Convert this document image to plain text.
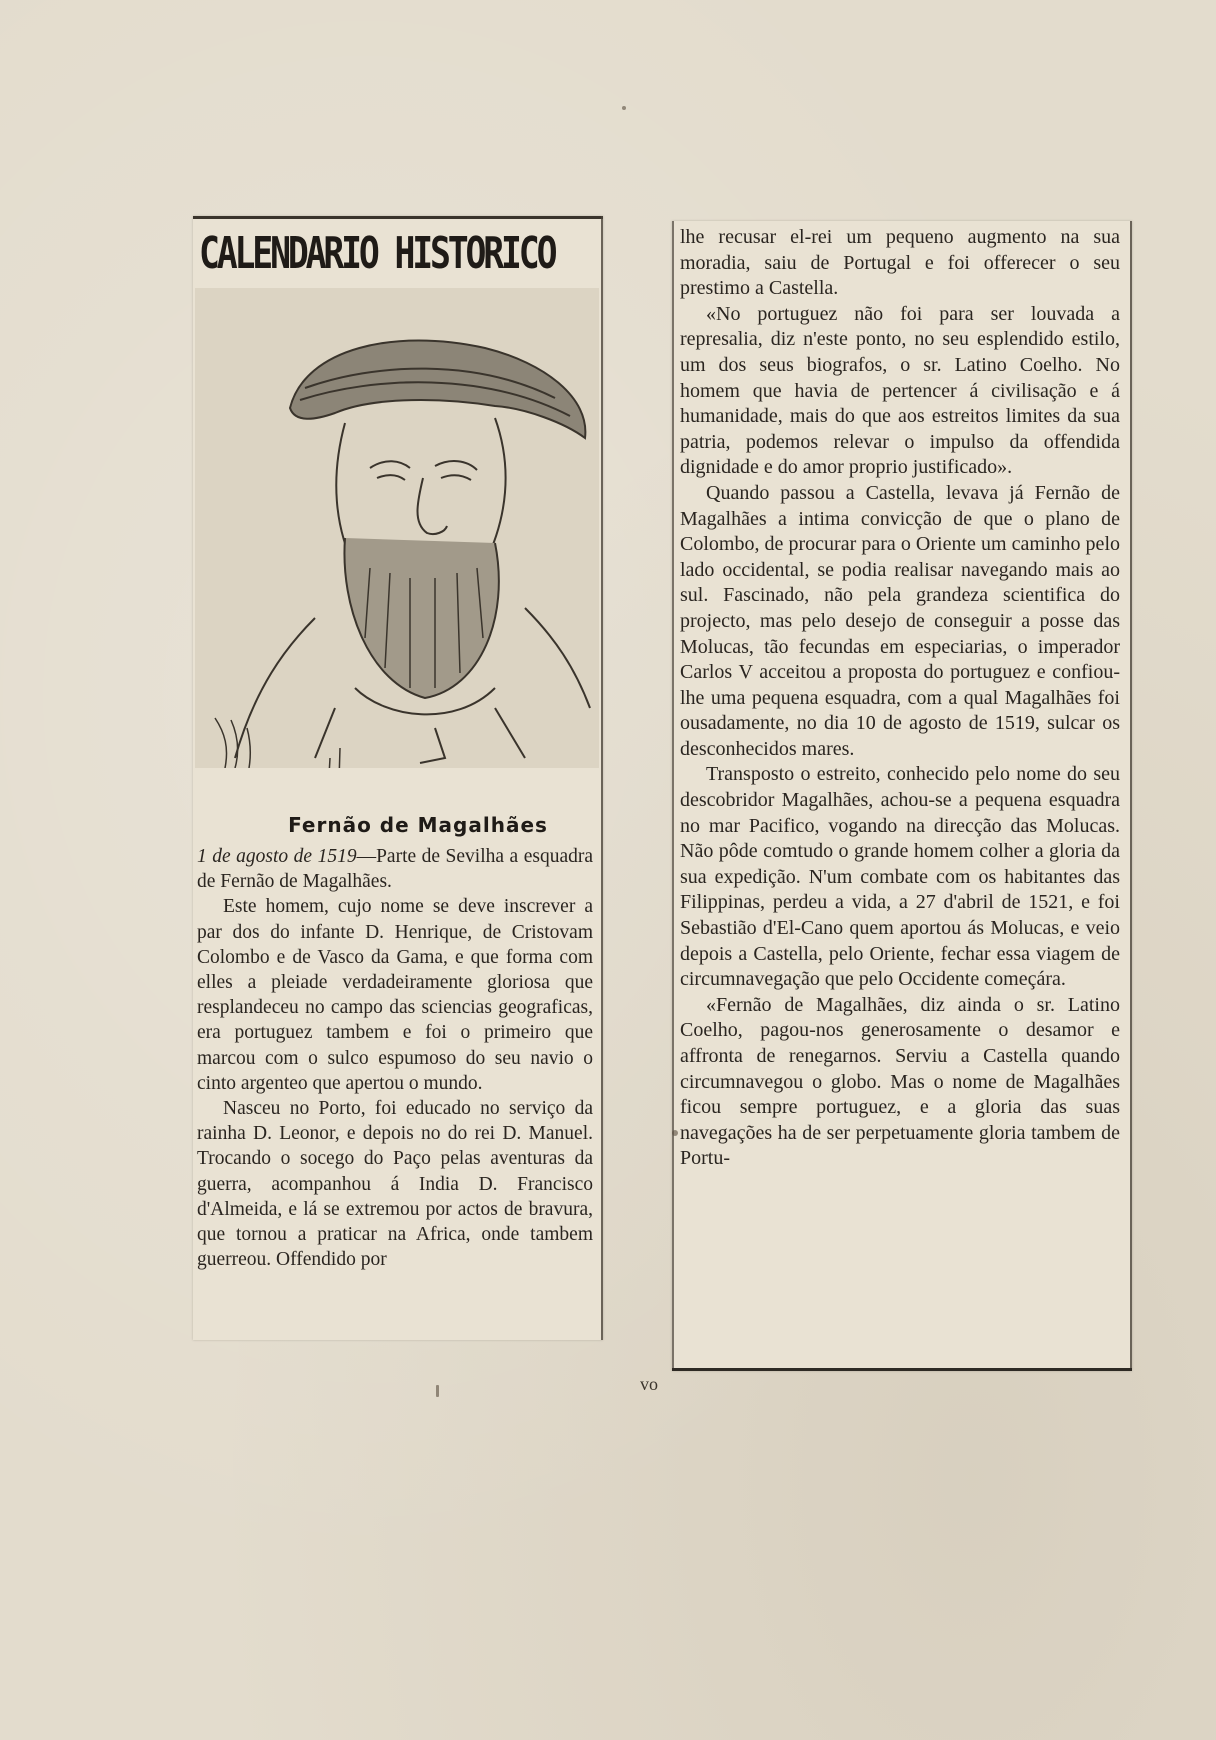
CALENDARIO HISTORICO
Fernão de Magalhães

1 de agosto de 1519—Parte de Sevilha a esquadra de Fernão de Magalhães.

Este homem, cujo nome se deve inscrever a par dos do infante D. Henrique, de Cristovam Colombo e de Vasco da Gama, e que forma com elles a pleiade verdadeiramente gloriosa que resplandeceu no campo das sciencias geograficas, era portuguez tambem e foi o primeiro que marcou com o sulco espumoso do seu navio o cinto argenteo que apertou o mundo.

Nasceu no Porto, foi educado no serviço da rainha D. Leonor, e depois no do rei D. Manuel. Trocando o socego do Paço pelas aventuras da guerra, acompanhou á India D. Francisco d'Almeida, e lá se extremou por actos de bravura, que tornou a praticar na Africa, onde tambem guerreou. Offendido por

lhe recusar el-rei um pequeno augmento na sua moradia, saiu de Portugal e foi offerecer o seu prestimo a Castella.

«No portuguez não foi para ser louvada a represalia, diz n'este ponto, no seu esplendido estilo, um dos seus biografos, o sr. Latino Coelho. No homem que havia de pertencer á civilisação e á humanidade, mais do que aos estreitos limites da sua patria, podemos relevar o impulso da offendida dignidade e do amor proprio justificado».

Quando passou a Castella, levava já Fernão de Magalhães a intima convicção de que o plano de Colombo, de procurar para o Oriente um caminho pelo lado occidental, se podia realisar navegando mais ao sul. Fascinado, não pela grandeza scientifica do projecto, mas pelo desejo de conseguir a posse das Molucas, tão fecundas em especiarias, o imperador Carlos V acceitou a proposta do portuguez e confiou-lhe uma pequena esquadra, com a qual Magalhães foi ousadamente, no dia 10 de agosto de 1519, sulcar os desconhecidos mares.

Transposto o estreito, conhecido pelo nome do seu descobridor Magalhães, achou-se a pequena esquadra no mar Pacifico, vogando na direcção das Molucas. Não pôde comtudo o grande homem colher a gloria da sua expedição. N'um combate com os habitantes das Filippinas, perdeu a vida, a 27 d'abril de 1521, e foi Sebastião d'El-Cano quem aportou ás Molucas, e veio depois a Castella, pelo Oriente, fechar essa viagem de circumnavegação que pelo Occidente começára.

«Fernão de Magalhães, diz ainda o sr. Latino Coelho, pagou-nos generosamente o desamor e affronta de renegarnos. Serviu a Castella quando circumnavegou o globo. Mas o nome de Magalhães ficou sempre portuguez, e a gloria das suas navegações ha de ser perpetuamente gloria tambem de Portu-

vo
